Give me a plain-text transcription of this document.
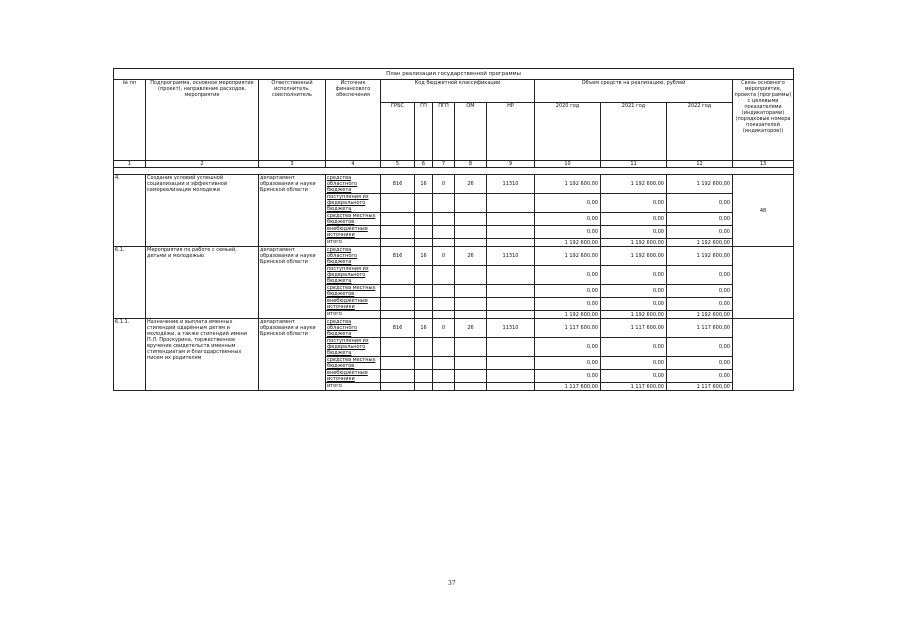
План реализации государственной программы												
№ пп	Подпрограмма, основное мероприятие (проект), направление расходов, мероприятие	Ответственный исполнитель, соисполнитель	Источник финансового обеспечения	Код бюджетной классификации					Объем средств на реализацию, рублей			Связь основного мероприятия, проекта (программы) с целевыми показателями (индикаторами) (порядковые номера показателей (индикаторов))
				ГРБС	ГП	ПГП	ОМ	НР	2020 год	2021 год	2022 год	
1	2	3	4	5	6	7	8	9	10	11	12	13

4.	Создание условий успешной социализации и эффективной самореализации молодежи	департамент образования и науки Брянской области	средства областного бюджета	816	16	0	26	11310	1 192 600,00	1 192 600,00	1 192 600,00	48
			поступления из федерального бюджета						0,00	0,00	0,00	
			средства местных бюджетов						0,00	0,00	0,00	
			внебюджетные источники						0,00	0,00	0,00	
			итого						1 192 600,00	1 192 600,00	1 192 600,00	
6.1.	Мероприятия по работе с семьей, детьми и молодежью	департамент образования и науки Брянской области	средства областного бюджета	816	16	0	26	11310	1 192 600,00	1 192 600,00	1 192 600,00	
			поступления из федерального бюджета						0,00	0,00	0,00	
			средства местных бюджетов						0,00	0,00	0,00	
			внебюджетные источники						0,00	0,00	0,00	
			итого						1 192 600,00	1 192 600,00	1 192 600,00	
6.1.1.	Назначение и выплата именных стипендий одарённым детям и молодёжи, а также стипендий имени П.Л. Проскурина, торжественное вручение свидетельств именным стипендиатам и благодарственных писем их родителям	департамент образования и науки Брянской области	средства областного бюджета	816	16	0	26	11310	1 117 600,00	1 117 600,00	1 117 600,00	
			поступления из федерального бюджета						0,00	0,00	0,00	
			средства местных бюджетов						0,00	0,00	0,00	
			внебюджетные источники						0,00	0,00	0,00	
			итого						1 117 600,00	1 117 600,00	1 117 600,00	
37
